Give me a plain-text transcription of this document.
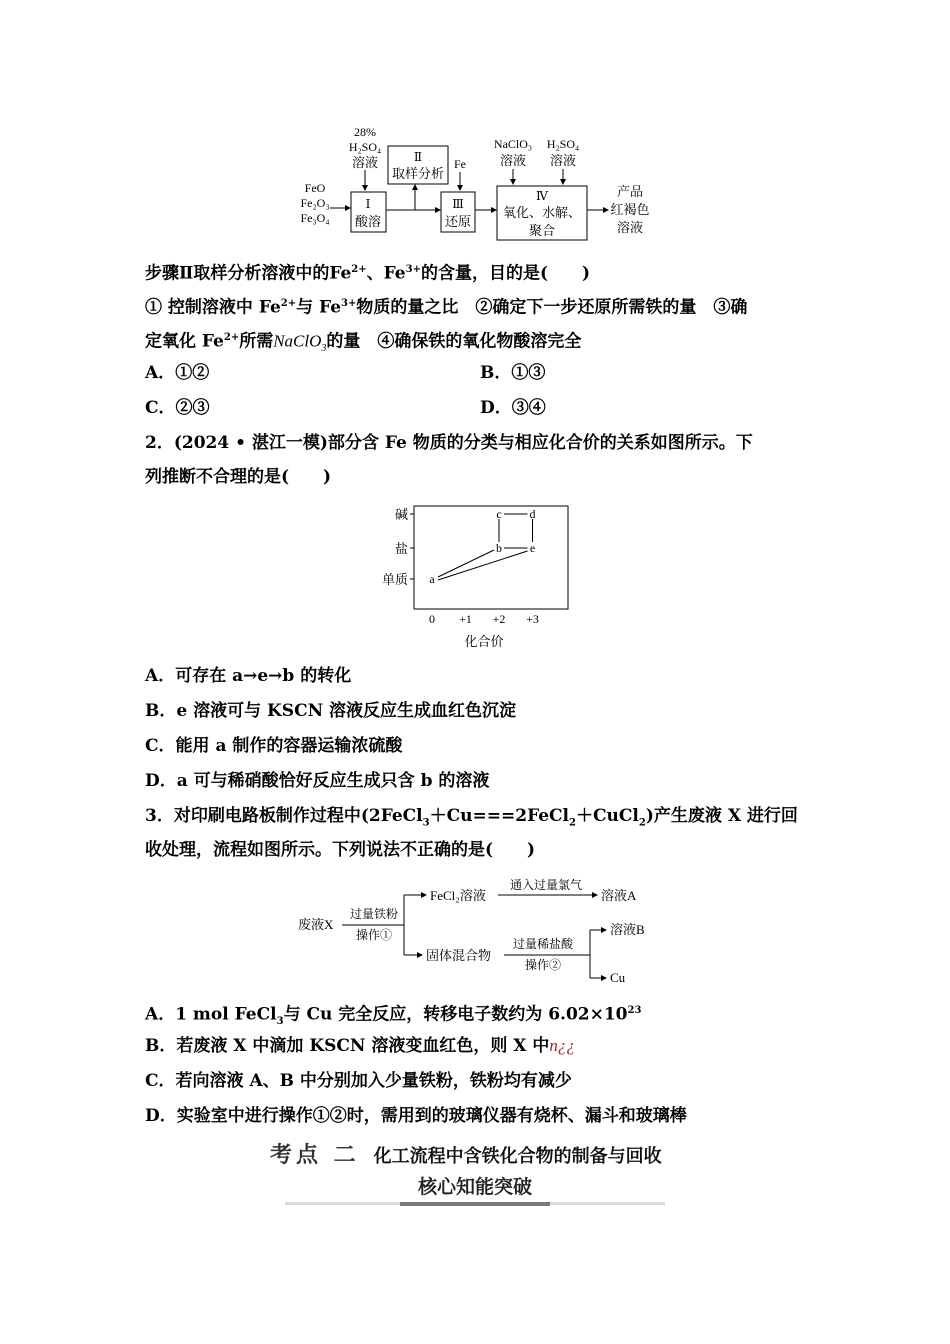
28%
H₂SO₄
溶液
FeO
Fe₂O₃
Fe₃O₄
Fe
NaClO₃
溶液
H₂SO₄
溶液
Ⅰ
酸溶
Ⅱ
取样分析
Ⅲ
还原
Ⅳ
氧化、水解、
聚合
产品
红褐色
溶液
步骤Ⅱ取样分析溶液中的$Fe^{2+}$、$Fe^{3+}$的含量，目的是(　　)
① 控制溶液中 $Fe^{2+}$与 $Fe^{3+}$物质的量之比　②确定下一步还原所需铁的量　③确
定氧化 $Fe^{2+}$所需NaClO$_3$的量　④确保铁的氧化物酸溶完全
A．①②	B．①③
C．②③	D．③④
2．(2024 • 湛江一模)部分含 Fe 物质的分类与相应化合价的关系如图所示。下
列推断不合理的是(　　)
单质
盐
碱
0 +1 +2 +3
a
b e
c d
化合价
A．可存在 a→e→b 的转化
B．e 溶液可与 KSCN 溶液反应生成血红色沉淀
C．能用 a 制作的容器运输浓硫酸
D．a 可与稀硝酸恰好反应生成只含 b 的溶液
3．对印刷电路板制作过程中(2FeCl$_3$＋Cu===2FeCl$_2$＋CuCl$_2$)产生废液 X 进行回
收处理，流程如图所示。下列说法不正确的是(　　)
废液X
过量铁粉
操作①
FeCl₂溶液
通入过量氯气
溶液A
固体混合物
过量稀盐酸
操作②
溶液B
Cu
A．1 mol FeCl$_3$与 Cu 完全反应，转移电子数约为 $6.02\times 10^{23}$
B．若废液 X 中滴加 KSCN 溶液变血红色，则 X 中n¿¿
C．若向溶液 A、B 中分别加入少量铁粉，铁粉均有减少
D．实验室中进行操作①②时，需用到的玻璃仪器有烧杯、漏斗和玻璃棒
考点 二 化工流程中含铁化合物的制备与回收
核心知能突破
